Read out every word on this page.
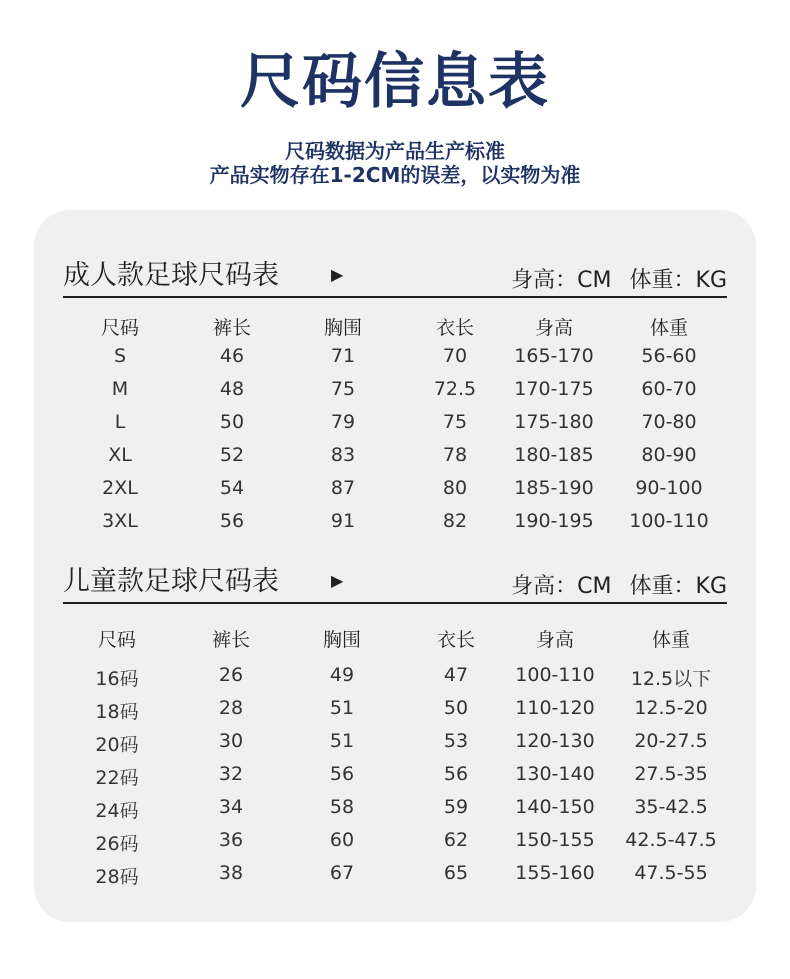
尺码信息表
尺码数据为产品生产标准
产品实物存在1-2CM的误差，以实物为准
成人款足球尺码表	▶	身高：CM 体重：KG
尺码	裤长	胸围	衣长	身高	体重
S	46	71	70	165-170	56-60
M	48	75	72.5	170-175	60-70
L	50	79	75	175-180	70-80
XL	52	83	78	180-185	80-90
2XL	54	87	80	185-190	90-100
3XL	56	91	82	190-195	100-110
儿童款足球尺码表	▶	身高：CM 体重：KG
尺码	裤长	胸围	衣长	身高	体重
16码	26	49	47	100-110	12.5以下
18码	28	51	50	110-120	12.5-20
20码	30	51	53	120-130	20-27.5
22码	32	56	56	130-140	27.5-35
24码	34	58	59	140-150	35-42.5
26码	36	60	62	150-155	42.5-47.5
28码	38	67	65	155-160	47.5-55
